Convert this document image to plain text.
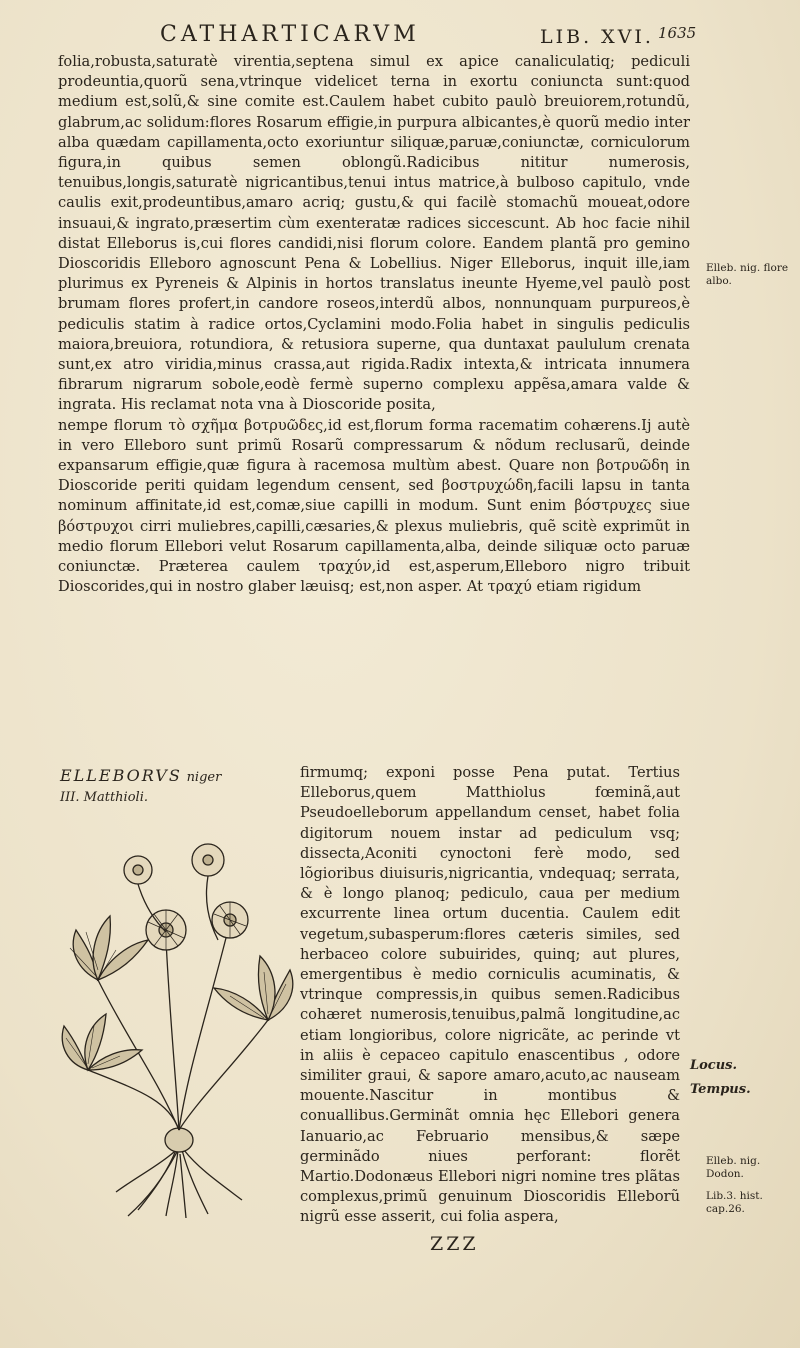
CATHARTICARVM	LIB. XVI. 1635

folia,robusta,saturatè virentia,septena simul ex apice canaliculatiq; pediculi prodeuntia,quorũ sena,vtrinque videlicet terna in exortu coniuncta sunt:quod medium est,solũ,& sine comite est.Caulem habet cubito paulò breuiorem,rotundũ, glabrum,ac solidum:flores Rosarum effigie,in purpura albicantes,è quorũ medio inter alba quædam capillamenta,octo exoriuntur siliquæ,paruæ,coniunctæ, corniculorum figura,in quibus semen oblongũ.Radicibus nititur numerosis, tenuibus,longis,saturatè nigricantibus,tenui intus matrice,à bulboso capitulo, vnde caulis exit,prodeuntibus,amaro acriq; gustu,& qui facilè stomachũ moueat,odore insuaui,& ingrato,præsertim cùm exenteratæ radices siccescunt. Ab hoc facie nihil distat Elleborus is,cui flores candidi,nisi florum colore. Eandem plantã pro gemino Dioscoridis Elleboro agnoscunt Pena & Lobellius. Niger Elleborus, inquit ille,iam plurimus ex Pyreneis & Alpinis in hortos translatus ineunte Hyeme,vel paulò post brumam flores profert,in candore roseos,interdũ albos, nonnunquam purpureos,è pediculis statim à radice ortos,Cyclamini modo.Folia habet in singulis pediculis maiora,breuiora, rotundiora, & retusiora superne, qua duntaxat paululum crenata sunt,ex atro viridia,minus crassa,aut rigida.Radix intexta,& intricata innumera fibrarum nigrarum sobole,eodè fermè superno complexu appẽsa,amara valde & ingrata. His reclamat nota vna à Dioscoride posita,

nempe florum τὸ σχῆμα βοτρυῶδες,id est,florum forma racematim cohærens.Ij autè in vero Elleboro sunt primũ Rosarũ compressarum & nõdum reclusarũ, deinde expansarum effigie,quæ figura à racemosa multùm abest. Quare non βοτρυῶδη in Dioscoride periti quidam legendum censent, sed βοστρυχώδη,facili lapsu in tanta nominum affinitate,id est,comæ,siue capilli in modum. Sunt enim βόστρυχες siue βόστρυχοι cirri muliebres,capilli,cæsaries,& plexus muliebris, quẽ scitè exprimũt in medio florum Ellebori velut Rosarum capillamenta,alba, deinde siliquæ octo paruæ coniunctæ. Præterea caulem τραχύν,id est,asperum,Elleboro nigro tribuit Dioscorides,qui in nostro glaber læuisq; est,non asper. At τραχύ etiam rigidum

ELLEBORVS niger
III. Matthioli.

firmumq; exponi posse Pena putat. Tertius Elleborus,quem Matthiolus fœminã,aut Pseudoelleborum appellandum censet, habet folia digitorum nouem instar ad pediculum vsq; dissecta,Aconiti cynoctoni ferè modo, sed lõgioribus diuisuris,nigricantia, vndequaq; serrata, & è longo planoq; pediculo, caua per medium excurrente linea ortum ducentia. Caulem edit vegetum,subasperum:flores cæteris similes, sed herbaceo colore subuirides, quinq; aut plures, emergentibus è medio corniculis acuminatis, & vtrinque compressis,in quibus semen.Radicibus cohæret numerosis,tenuibus,palmã longitudine,ac etiam longioribus, colore nigricãte, ac perinde vt in aliis è cepaceo capitulo enascentibus , odore similiter graui, & sapore amaro,acuto,ac nauseam mouente.Nascitur in montibus & conuallibus.Germinãt omnia hęc Ellebori genera Ianuario,ac Februario mensibus,& sæpe germinãdo niues perforant: florẽt Martio.Dodonæus Ellebori nigri nomine tres plãtas complexus,primũ genuinum Dioscoridis Elleborũ nigrũ esse asserit, cui folia aspera,

ZZZ
Elleb. nig. flore albo.
Locus.
Tempus.
Elleb. nig. Dodon.
Lib.3. hist. cap.26.
